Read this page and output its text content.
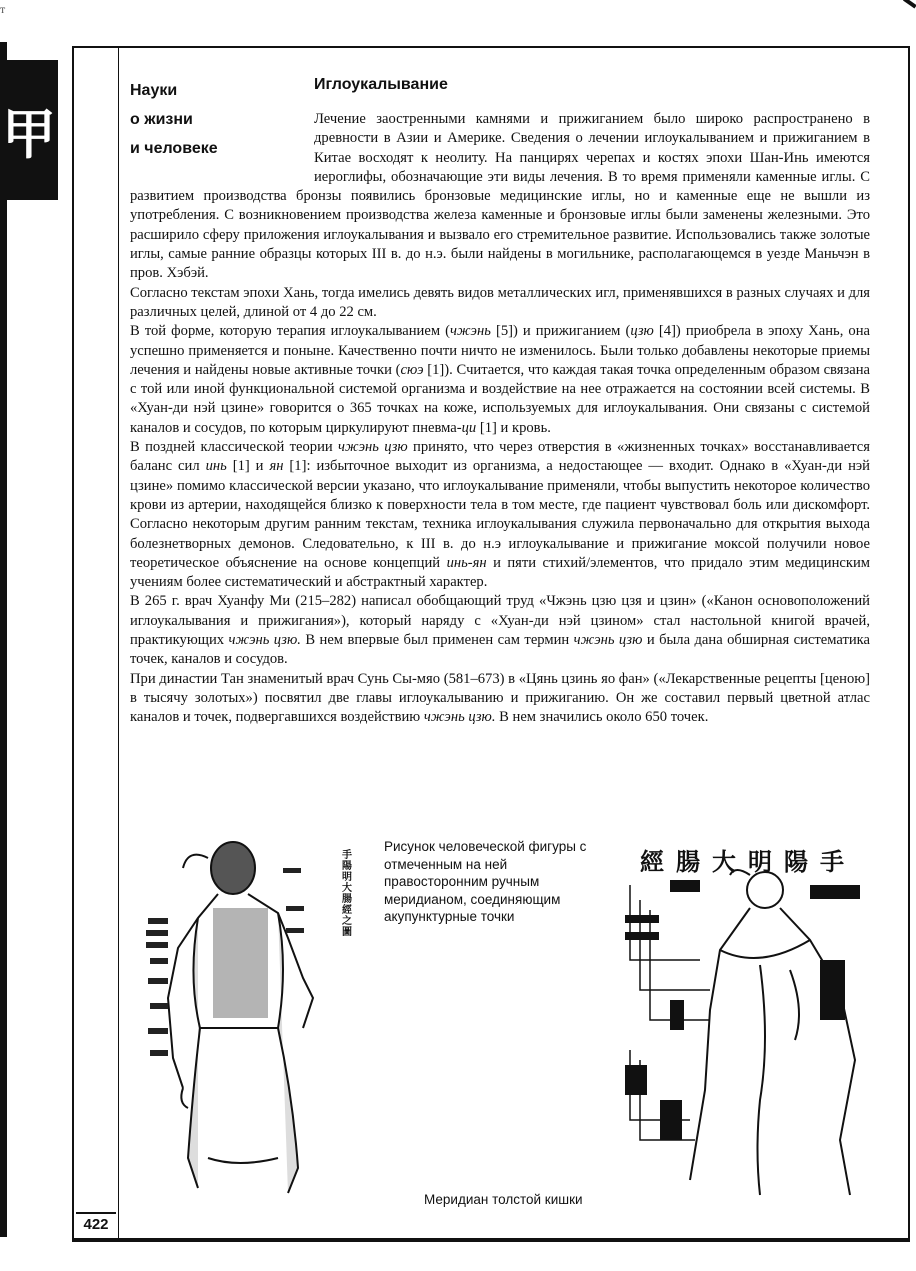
т
甲
422
Науки
о жизни
и человеке
Иглоукалывание

Лечение заостренными камнями и прижиганием было широко распространено в древности в Азии и Америке. Сведения о лечении иглоукалыванием и прижиганием в Китае восходят к неолиту. На панцирях черепах и костях эпохи Шан-Инь имеются иероглифы, обозначающие эти виды лечения. В то время применяли каменные иглы. С развитием производства бронзы появились бронзовые медицинские иглы, но и каменные еще не вышли из употребления. С возникновением производства железа каменные и бронзовые иглы были заменены железными. Это расширило сферу приложения иглоукалывания и вызвало его стремительное развитие. Использовались также золотые иглы, самые ранние образцы которых III в. до н.э. были найдены в могильнике, располагающемся в уезде Маньчэн в пров. Хэбэй.

Согласно текстам эпохи Хань, тогда имелись девять видов металлических игл, применявшихся в разных случаях и для различных целей, длиной от 4 до 22 см.

В той форме, которую терапия иглоукалыванием (чжэнь [5]) и прижиганием (цзю [4]) приобрела в эпоху Хань, она успешно применяется и поныне. Качественно почти ничто не изменилось. Были только добавлены некоторые приемы лечения и найдены новые активные точки (сюэ [1]). Считается, что каждая такая точка определенным образом связана с той или иной функциональной системой организма и воздействие на нее отражается на состоянии всей системы. В «Хуан-ди нэй цзине» говорится о 365 точках на коже, используемых для иглоукалывания. Они связаны с системой каналов и сосудов, по которым циркулируют пневма-ци [1] и кровь.

В поздней классической теории чжэнь цзю принято, что через отверстия в «жизненных точках» восстанавливается баланс сил инь [1] и ян [1]: избыточное выходит из организма, а недостающее — входит. Однако в «Хуан-ди нэй цзине» помимо классической версии указано, что иглоукалывание применяли, чтобы выпустить некоторое количество крови из артерии, находящейся близко к поверхности тела в том месте, где пациент чувствовал боль или дискомфорт. Согласно некоторым другим ранним текстам, техника иглоукалывания служила первоначально для открытия выхода болезнетворных демонов. Следовательно, к III в. до н.э иглоукалывание и прижигание моксой получили новое теоретическое объяснение на основе концепций инь-ян и пяти стихий/элементов, что придало этим медицинским учениям более систематический и абстрактный характер.

В 265 г. врач Хуанфу Ми (215–282) написал обобщающий труд «Чжэнь цзю цзя и цзин» («Канон основоположений иглоукалывания и прижигания»), который наряду с «Хуан-ди нэй цзином» стал настольной книгой врачей, практикующих чжэнь цзю. В нем впервые был применен сам термин чжэнь цзю и была дана обширная систематика точек, каналов и сосудов.

При династии Тан знаменитый врач Сунь Сы-мяо (581–673) в «Цянь цзинь яо фан» («Лекарственные рецепты [ценою] в тысячу золотых») посвятил две главы иглоукалыванию и прижиганию. Он же составил первый цветной атлас каналов и точек, подвергавшихся воздействию чжэнь цзю. В нем значились около 650 точек.

手陽明大腸經之圖
Рисунок человеческой фигуры с отмеченным на ней правосторонним ручным меридианом, соединяющим акупунктурные точки
經腸大明陽手
Меридиан толстой кишки
